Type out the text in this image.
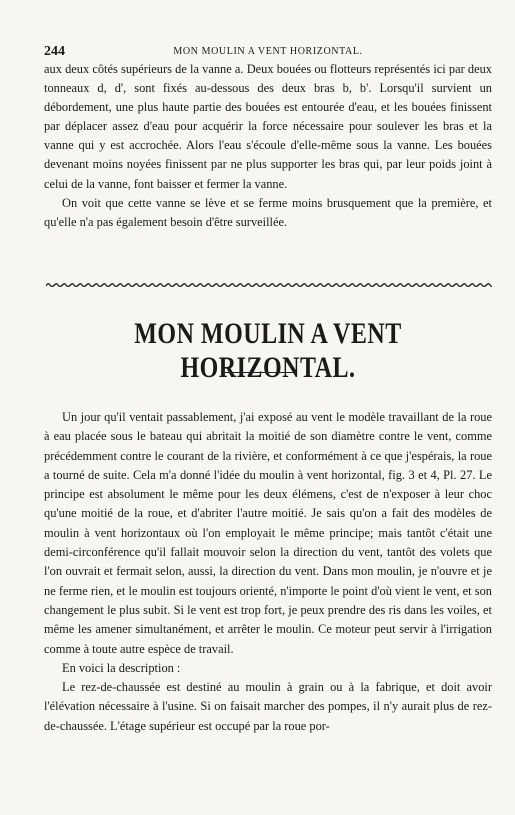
244	MON MOULIN A VENT HORIZONTAL.

aux deux côtés supérieurs de la vanne a. Deux bouées ou flotteurs représentés ici par deux tonneaux d, d', sont fixés au-dessous des deux bras b, b'. Lorsqu'il survient un débordement, une plus haute partie des bouées est entourée d'eau, et les bouées finissent par déplacer assez d'eau pour acquérir la force nécessaire pour soulever les bras et la vanne qui y est accrochée. Alors l'eau s'écoule d'elle-même sous la vanne. Les bouées devenant moins noyées finissent par ne plus supporter les bras qui, par leur poids joint à celui de la vanne, font baisser et fermer la vanne.

On voit que cette vanne se lève et se ferme moins brusquement que la première, et qu'elle n'a pas également besoin d'être surveillée.

MON MOULIN A VENT HORIZONTAL.

Un jour qu'il ventait passablement, j'ai exposé au vent le modèle travaillant de la roue à eau placée sous le bateau qui abritait la moitié de son diamètre contre le vent, comme précédemment contre le courant de la rivière, et conformément à ce que j'espérais, la roue a tourné de suite. Cela m'a donné l'idée du moulin à vent horizontal, fig. 3 et 4, Pl. 27. Le principe est absolument le même pour les deux élémens, c'est de n'exposer à leur choc qu'une moitié de la roue, et d'abriter l'autre moitié. Je sais qu'on a fait des modèles de moulin à vent horizontaux où l'on employait le même principe; mais tantôt c'était une demi-circonférence qu'il fallait mouvoir selon la direction du vent, tantôt des volets que l'on ouvrait et fermait selon, aussi, la direction du vent. Dans mon moulin, je n'ouvre et je ne ferme rien, et le moulin est toujours orienté, n'importe le point d'où vient le vent, et son changement le plus subit. Si le vent est trop fort, je peux prendre des ris dans les voiles, et même les amener simultanément, et arrêter le moulin. Ce moteur peut servir à l'irrigation comme à toute autre espèce de travail.

En voici la description :

Le rez-de-chaussée est destiné au moulin à grain ou à la fabrique, et doit avoir l'élévation nécessaire à l'usine. Si on faisait marcher des pompes, il n'y aurait plus de rez-de-chaussée. L'étage supérieur est occupé par la roue por-
